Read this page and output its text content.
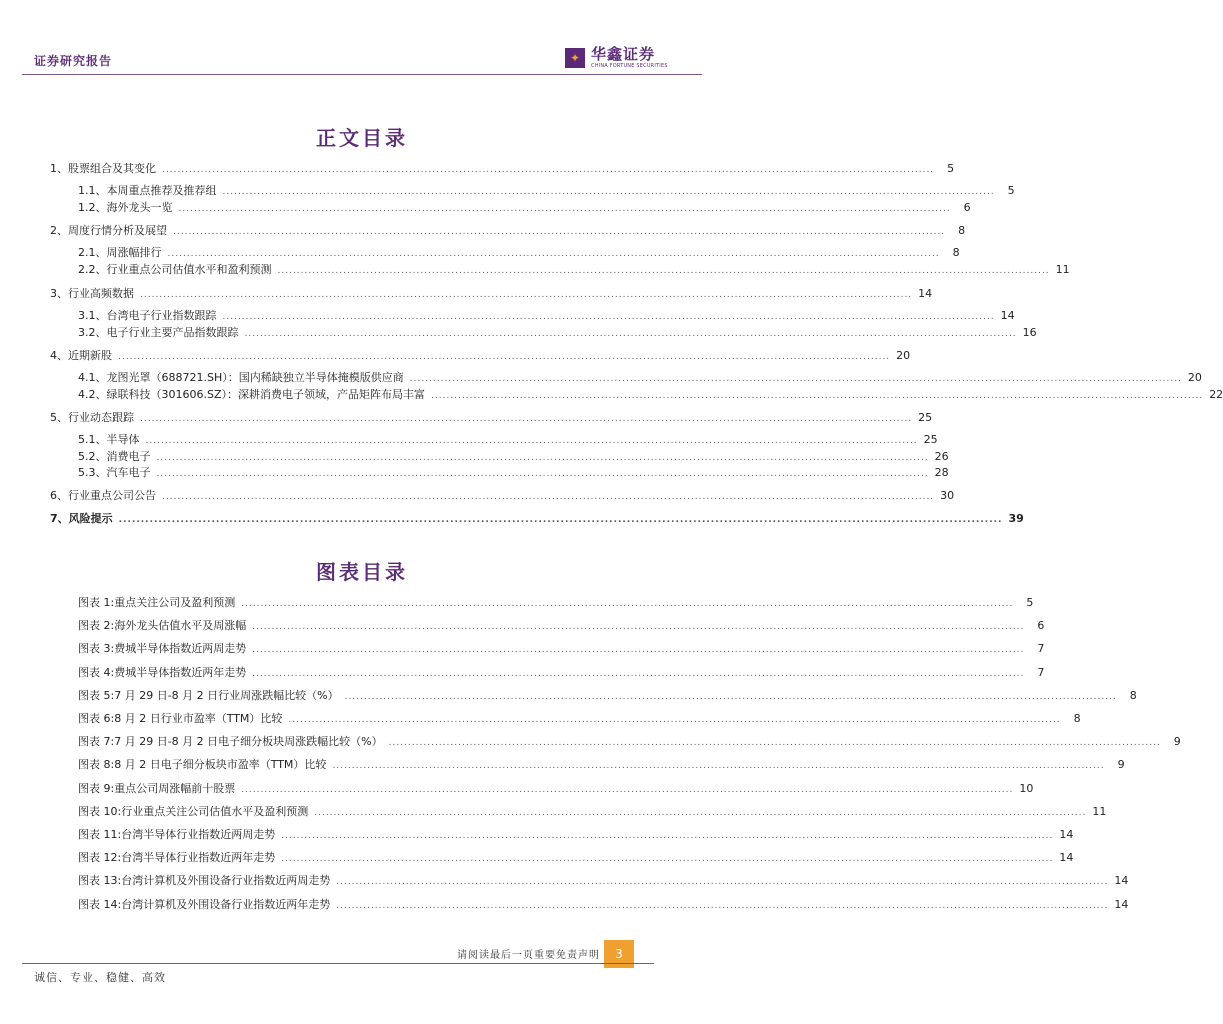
证券研究报告	✦ 华鑫证券
CHINA FORTUNE SECURITIES
正文目录
1、 股票组合及其变化 ........................................................................................................................................................................................................	5
1.1、 本周重点推荐及推荐组 ........................................................................................................................................................................................................	5
1.2、 海外龙头一览 ........................................................................................................................................................................................................	6
2、 周度行情分析及展望 ........................................................................................................................................................................................................	8
2.1、 周涨幅排行 ........................................................................................................................................................................................................	8
2.2、 行业重点公司估值水平和盈利预测 ........................................................................................................................................................................................................ 11
3、 行业高频数据 ........................................................................................................................................................................................................ 14
3.1、 台湾电子行业指数跟踪 ........................................................................................................................................................................................................ 14
3.2、 电子行业主要产品指数跟踪 ........................................................................................................................................................................................................ 16
4、 近期新股 ........................................................................................................................................................................................................ 20
4.1、 龙图光罩（688721.SH）：国内稀缺独立半导体掩模版供应商 ........................................................................................................................................................................................................ 20
4.2、 绿联科技（301606.SZ）：深耕消费电子领域，产品矩阵布局丰富 ........................................................................................................................................................................................................ 22
5、 行业动态跟踪 ........................................................................................................................................................................................................ 25
5.1、 半导体 ........................................................................................................................................................................................................ 25
5.2、 消费电子 ........................................................................................................................................................................................................ 26
5.3、 汽车电子 ........................................................................................................................................................................................................ 28
6、 行业重点公司公告 ........................................................................................................................................................................................................ 30
7、 风险提示 ........................................................................................................................................................................................................ 39
图表目录
图表 1: 重点关注公司及盈利预测 ........................................................................................................................................................................................................	5
图表 2: 海外龙头估值水平及周涨幅 ........................................................................................................................................................................................................	6
图表 3: 费城半导体指数近两周走势 ........................................................................................................................................................................................................	7
图表 4: 费城半导体指数近两年走势 ........................................................................................................................................................................................................	7
图表 5: 7 月 29 日-8 月 2 日行业周涨跌幅比较（%） ........................................................................................................................................................................................................	8
图表 6: 8 月 2 日行业市盈率（TTM）比较 ........................................................................................................................................................................................................	8
图表 7: 7 月 29 日-8 月 2 日电子细分板块周涨跌幅比较（%） ........................................................................................................................................................................................................	9
图表 8: 8 月 2 日电子细分板块市盈率（TTM）比较 ........................................................................................................................................................................................................	9
图表 9: 重点公司周涨幅前十股票 ........................................................................................................................................................................................................ 10
图表 10: 行业重点关注公司估值水平及盈利预测 ........................................................................................................................................................................................................ 11
图表 11: 台湾半导体行业指数近两周走势 ........................................................................................................................................................................................................ 14
图表 12: 台湾半导体行业指数近两年走势 ........................................................................................................................................................................................................ 14
图表 13: 台湾计算机及外围设备行业指数近两周走势 ........................................................................................................................................................................................................ 14
图表 14: 台湾计算机及外围设备行业指数近两年走势 ........................................................................................................................................................................................................ 14
请阅读最后一页重要免责声明	3
诚信、专业、稳健、高效
